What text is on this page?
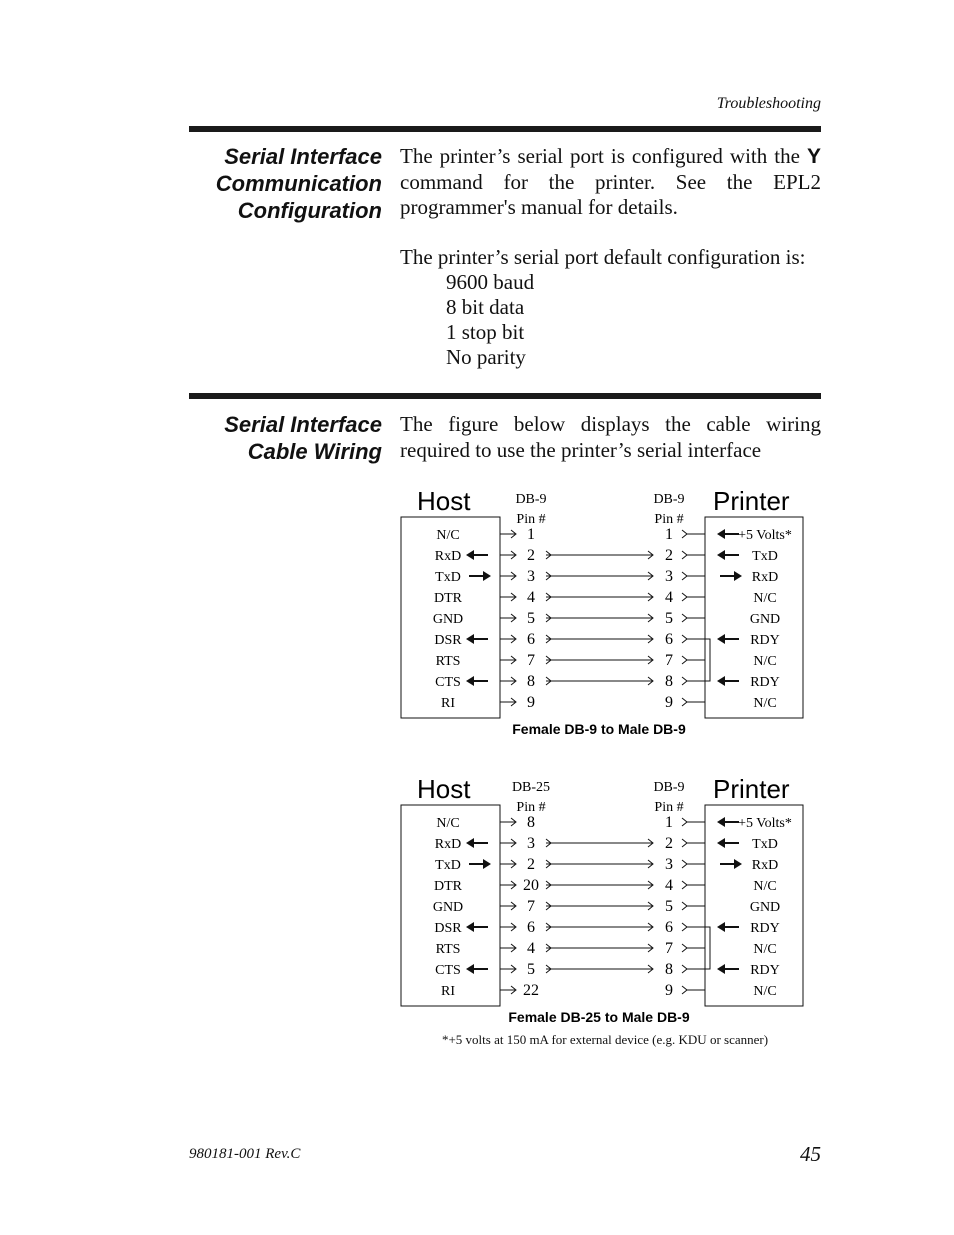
Troubleshooting
Serial Interface
Communication
Configuration

The printer’s serial port is configured with the Y command for the printer. See the EPL2 programmer's manual for details.

The printer’s serial port default configuration is:
9600 baud
8 bit data
1 stop bit
No parity
Serial Interface
Cable Wiring

The figure below displays the cable wiring required to use the printer’s serial interface

Host	Printer
DB-9
Pin #
DB-9
Pin #
N/C	1	1	+5 Volts*
RxD	2	2	TxD
TxD	3	3	RxD
DTR	4	4	N/C
GND	5	5	GND
DSR	6	6	RDY
RTS	7	7	N/C
CTS	8	8	RDY
RI	9	9	N/C
Female DB-9 to Male DB-9
Host	Printer
DB-25
Pin #
DB-9
Pin #
N/C	8	1	+5 Volts*
RxD	3	2	TxD
TxD	2	3	RxD
DTR	20	4	N/C
GND	7	5	GND
DSR	6	6	RDY
RTS	4	7	N/C
CTS	5	8	RDY
RI	22	9	N/C
Female DB-25 to Male DB-9
*+5 volts at 150 mA for external device (e.g. KDU or scanner)
980181-001 Rev.C	45
